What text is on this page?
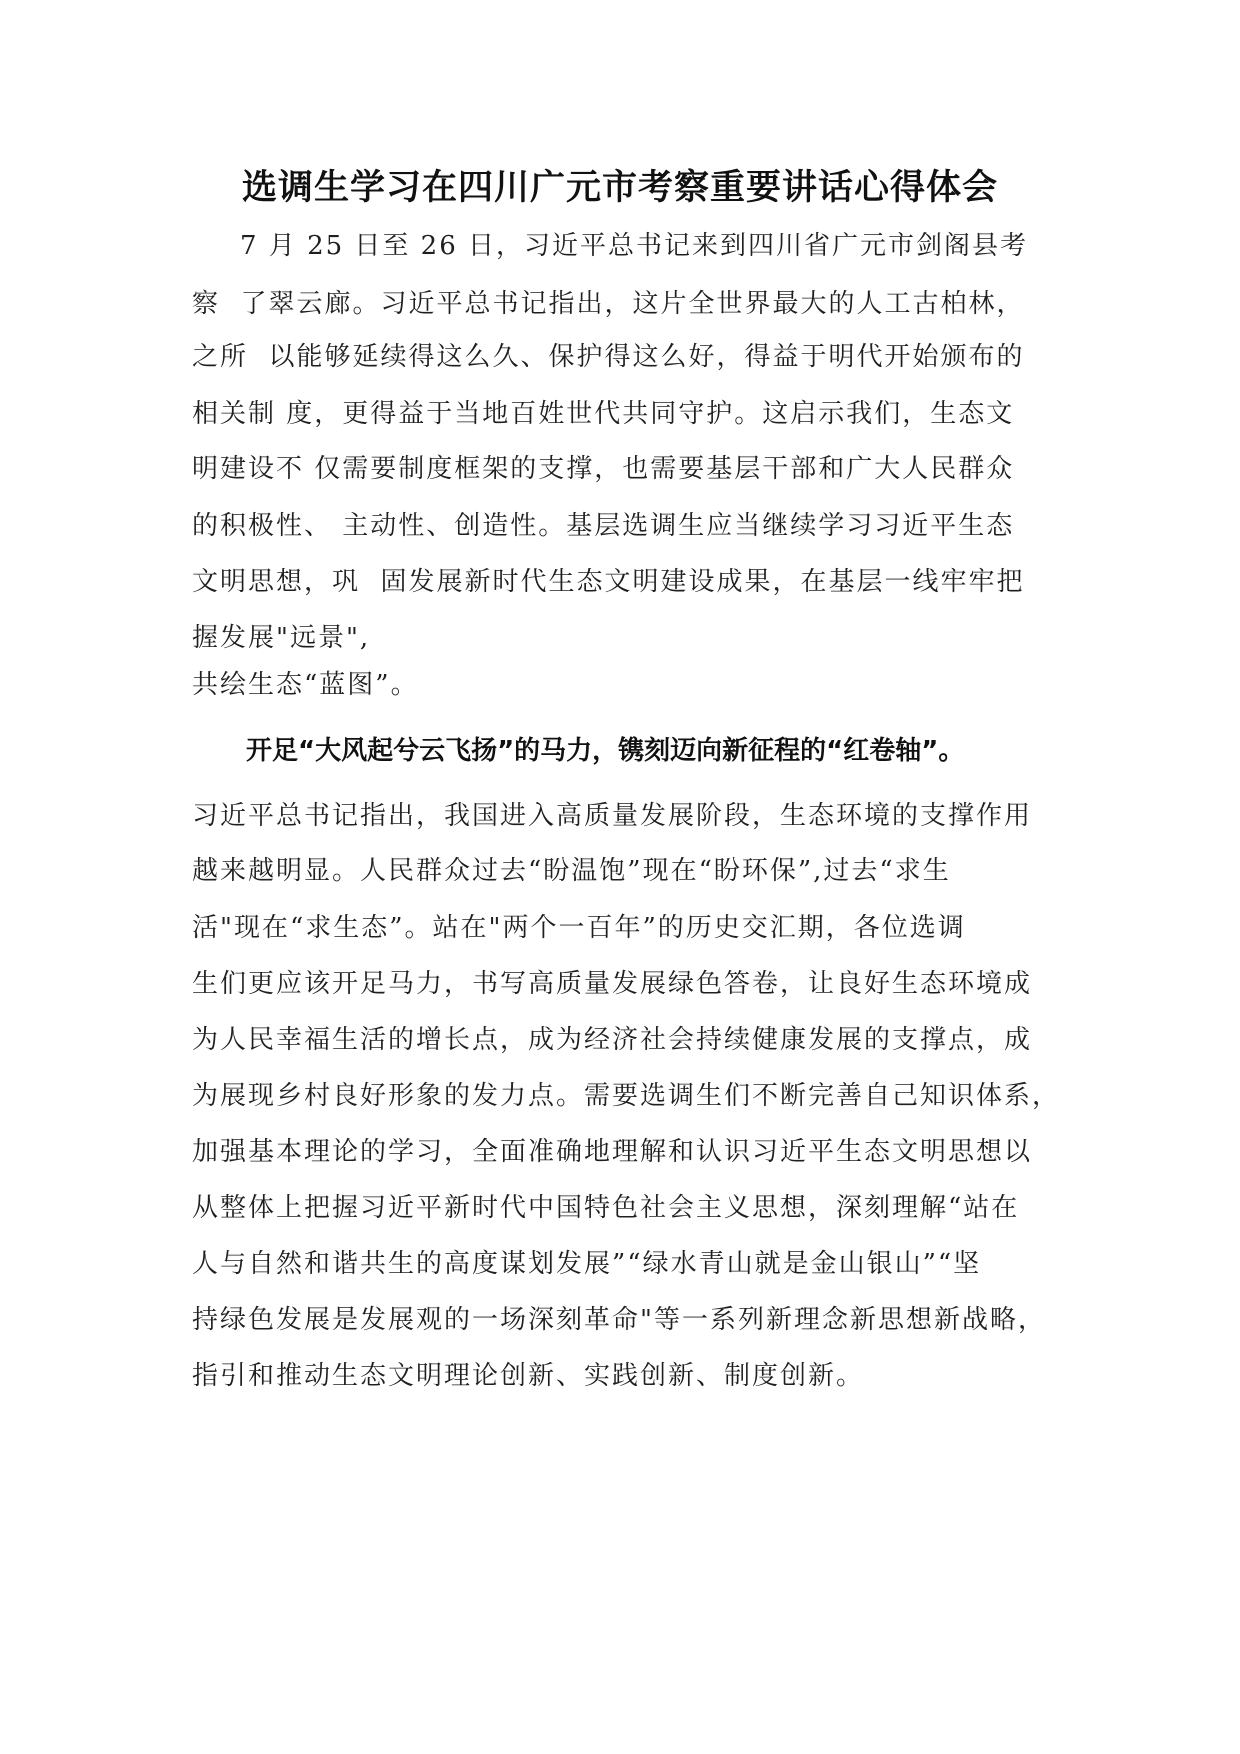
选调生学习在四川广元市考察重要讲话心得体会
7 月 25 日至 26 日，习近平总书记来到四川省广元市剑阁县考
察  了翠云廊。习近平总书记指出，这片全世界最大的人工古柏林，
之所  以能够延续得这么久、保护得这么好，得益于明代开始颁布的
相关制 度，更得益于当地百姓世代共同守护。这启示我们，生态文
明建设不 仅需要制度框架的支撑，也需要基层干部和广大人民群众
的积极性、 主动性、创造性。基层选调生应当继续学习习近平生态
文明思想，巩  固发展新时代生态文明建设成果，在基层一线牢牢把
握发展"远景",
共绘生态“蓝图”。
开足“大风起兮云飞扬”的马力，镌刻迈向新征程的“红卷轴”。
习近平总书记指出，我国进入高质量发展阶段，生态环境的支撑作用
越来越明显。人民群众过去“盼温饱”现在“盼环保”,过去“求生
活"现在“求生态”。站在"两个一百年”的历史交汇期，各位选调
生们更应该开足马力，书写高质量发展绿色答卷，让良好生态环境成
为人民幸福生活的增长点，成为经济社会持续健康发展的支撑点，成
为展现乡村良好形象的发力点。需要选调生们不断完善自己知识体系，
加强基本理论的学习，全面准确地理解和认识习近平生态文明思想以
从整体上把握习近平新时代中国特色社会主义思想，深刻理解“站在
人与自然和谐共生的高度谋划发展”“绿水青山就是金山银山”“坚
持绿色发展是发展观的一场深刻革命"等一系列新理念新思想新战略，
指引和推动生态文明理论创新、实践创新、制度创新。
